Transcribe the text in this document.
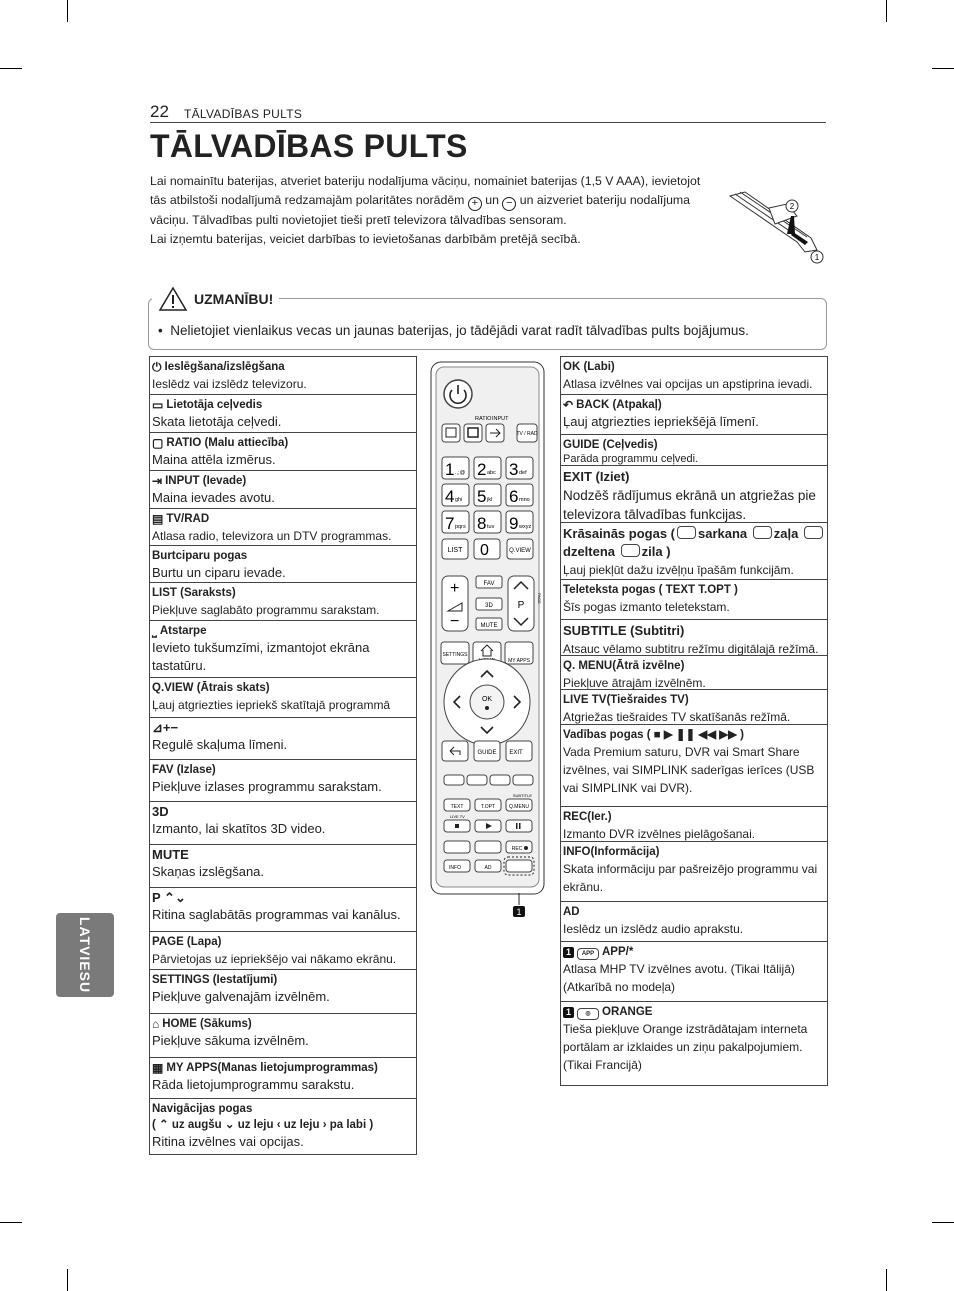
22 TĀLVADĪBAS PULTS
TĀLVADĪBAS PULTS
Lai nomainītu baterijas, atveriet bateriju nodalījuma vāciņu, nomainiet baterijas (1,5 V AAA), ievietojot
tās atbilstoši nodalījumā redzamajām polaritātes norādēm + un − un aizveriet bateriju nodalījuma
vāciņu. Tālvadības pulti novietojiet tieši pretī televizora tālvadības sensoram.
Lai izņemtu baterijas, veiciet darbības to ievietošanas darbībām pretējā secībā.
2
1
UZMANĪBU!
• Nelietojiet vienlaikus vecas un jaunas baterijas, jo tādējādi varat radīt tālvadības pults bojājumus.
⏻ Ieslēgšana/izslēgšana
Ieslēdz vai izslēdz televizoru.
▭ Lietotāja ceļvedis
Skata lietotāja ceļvedi.
▢ RATIO (Malu attiecība)
Maina attēla izmērus.
⇥ INPUT (Ievade)
Maina ievades avotu.
▤ TV/RAD
Atlasa radio, televizora un DTV programmas.
Burtciparu pogas
Burtu un ciparu ievade.
LIST (Saraksts)
Piekļuve saglabāto programmu sarakstam.
⎵ Atstarpe
Ievieto tukšumzīmi, izmantojot ekrāna tastatūru.
Q.VIEW (Ātrais skats)
Ļauj atgriezties iepriekš skatītajā programmā
⊿+−
Regulē skaļuma līmeni.
FAV (Izlase)
Piekļuve izlases programmu sarakstam.
3D
Izmanto, lai skatītos 3D video.
MUTE
Skaņas izslēgšana.
P ⌃⌄
Ritina saglabātās programmas vai kanālus.
PAGE (Lapa)
Pārvietojas uz iepriekšējo vai nākamo ekrānu.
SETTINGS (Iestatījumi)
Piekļuve galvenajām izvēlnēm.
⌂ HOME (Sākums)
Piekļuve sākuma izvēlnēm.
▦ MY APPS(Manas lietojumprogrammas)
Rāda lietojumprogrammu sarakstu.
Navigācijas pogas
( ⌃ uz augšu ⌄ uz leju ‹ uz leju › pa labi )
Ritina izvēlnes vai opcijas.
RATIO INPUT
TV / RAD
1 .,;@ 2 abc 3 def
4 ghi 5 jkl 6 mno
7 pqrs 8 tuv 9 wxyz
LIST 0	Q.VIEW
+
−
FAV
3D
MUTE
P
PAGE
SETTINGS
MY APPS
OK
GUIDE EXIT
SUBTITLE
TEXT	T.OPT	Q.MENU
LIVE TV
REC
INFO	AD
1
OK (Labi)
Atlasa izvēlnes vai opcijas un apstiprina ievadi.
↶ BACK (Atpakaļ)
Ļauj atgriezties iepriekšējā līmenī.
GUIDE (Ceļvedis)
Parāda programmu ceļvedi.
EXIT (Iziet)
Nodzēš rādījumus ekrānā un atgriežas pie televizora tālvadības funkcijas.
Krāsainās pogas ( sarkana zaļa dzeltena zila )
Ļauj piekļūt dažu izvēļņu īpašām funkcijām.
Teleteksta pogas ( TEXT T.OPT )
Šīs pogas izmanto teletekstam.
SUBTITLE (Subtitri)
Atsauc vēlamo subtitru režīmu digitālajā režīmā.
Q. MENU(Ātrā izvēlne)
Piekļuve ātrajām izvēlnēm.
LIVE TV(Tiešraides TV)
Atgriežas tiešraides TV skatīšanās režīmā.
Vadības pogas ( ■ ▶ ❚❚ ◀◀ ▶▶ )
Vada Premium saturu, DVR vai Smart Share izvēlnes, vai SIMPLINK saderīgas ierīces (USB vai SIMPLINK vai DVR).
REC(Ier.)
Izmanto DVR izvēlnes pielāgošanai.
INFO(Informācija)
Skata informāciju par pašreizējo programmu vai ekrānu.
AD
Ieslēdz un izslēdz audio aprakstu.
1 APP APP/*
Atlasa MHP TV izvēlnes avotu. (Tikai Itālijā) (Atkarībā no modeļa)
1 ◎ ORANGE
Tieša piekļuve Orange izstrādātajam interneta portālam ar izklaides un ziņu pakalpojumiem. (Tikai Francijā)
LATVIESU
